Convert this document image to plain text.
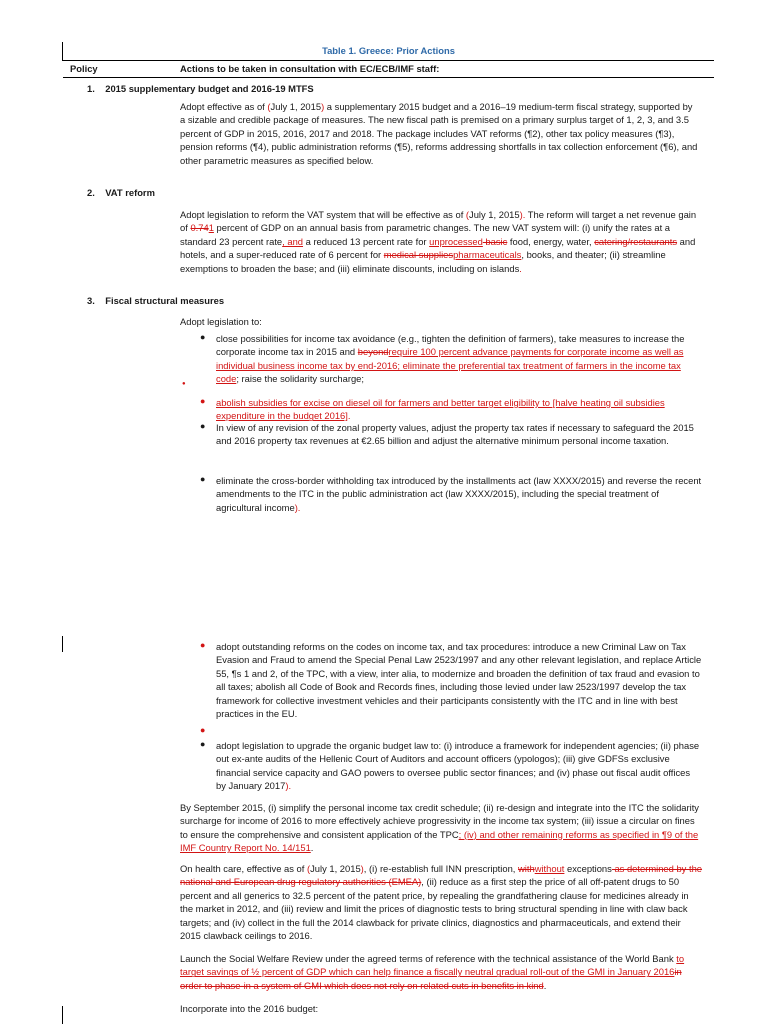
Table 1. Greece: Prior Actions
Policy	Actions to be taken in consultation with EC/ECB/IMF staff:
1. 2015 supplementary budget and 2016-19 MTFS
Adopt effective as of (July 1, 2015) a supplementary 2015 budget and a 2016–19 medium-term fiscal strategy, supported by a sizable and credible package of measures. The new fiscal path is premised on a primary surplus target of 1, 2, 3, and 3.5 percent of GDP in 2015, 2016, 2017 and 2018. The package includes VAT reforms (¶2), other tax policy measures (¶3), pension reforms (¶4), public administration reforms (¶5), reforms addressing shortfalls in tax collection enforcement (¶6), and other parametric measures as specified below.
2. VAT reform
Adopt legislation to reform the VAT system that will be effective as of (July 1, 2015). The reform will target a net revenue gain of 0.741 percent of GDP on an annual basis from parametric changes. The new VAT system will: (i) unify the rates at a standard 23 percent rate, and a reduced 13 percent rate for unprocessed basic food, energy, water, catering/restaurants and hotels, and a super-reduced rate of 6 percent for medical suppliespharmaceuticals, books, and theater; (ii) streamline exemptions to broaden the base; and (iii) eliminate discounts, including on islands.
3. Fiscal structural measures
Adopt legislation to:
● close possibilities for income tax avoidance (e.g., tighten the definition of farmers), take measures to increase the corporate income tax in 2015 and beyondrequire 100 percent advance payments for corporate income as well as individual business income tax by end-2016; eliminate the preferential tax treatment of farmers in the income tax code; raise the solidarity surcharge;
●
● abolish subsidies for excise on diesel oil for farmers and better target eligibility to [halve heating oil subsidies expenditure in the budget 2016].
● In view of any revision of the zonal property values, adjust the property tax rates if necessary to safeguard the 2015 and 2016 property tax revenues at €2.65 billion and adjust the alternative minimum personal income taxation.
● eliminate the cross-border withholding tax introduced by the installments act (law XXXX/2015) and reverse the recent amendments to the ITC in the public administration act (law XXXX/2015), including the special treatment of agricultural income).
● adopt outstanding reforms on the codes on income tax, and tax procedures: introduce a new Criminal Law on Tax Evasion and Fraud to amend the Special Penal Law 2523/1997 and any other relevant legislation, and replace Article 55, ¶s 1 and 2, of the TPC, with a view, inter alia, to modernize and broaden the definition of tax fraud and evasion to all taxes; abolish all Code of Book and Records fines, including those levied under law 2523/1997 develop the tax framework for collective investment vehicles and their participants consistently with the ITC and in line with best practices in the EU.
●
● adopt legislation to upgrade the organic budget law to: (i) introduce a framework for independent agencies; (ii) phase out ex-ante audits of the Hellenic Court of Auditors and account officers (ypologos); (iii) give GDFSs exclusive financial service capacity and GAO powers to oversee public sector finances; and (iv) phase out fiscal audit offices by January 2017).
By September 2015, (i) simplify the personal income tax credit schedule; (ii) re-design and integrate into the ITC the solidarity surcharge for income of 2016 to more effectively achieve progressivity in the income tax system; (iii) issue a circular on fines to ensure the comprehensive and consistent application of the TPC; (iv) and other remaining reforms as specified in ¶9 of the IMF Country Report No. 14/151.
On health care, effective as of (July 1, 2015), (i) re-establish full INN prescription, withwithout exceptions as determined by the national and European drug regulatory authorities (EMEA), (ii) reduce as a first step the price of all off-patent drugs to 50 percent and all generics to 32.5 percent of the patent price, by repealing the grandfathering clause for medicines already in the market in 2012, and (iii) review and limit the prices of diagnostic tests to bring structural spending in line with claw back targets; and (iv) collect in the full the 2014 clawback for private clinics, diagnostics and pharmaceuticals, and extend their 2015 clawback ceilings to 2016.
Launch the Social Welfare Review under the agreed terms of reference with the technical assistance of the World Bank to target savings of ½ percent of GDP which can help finance a fiscally neutral gradual roll-out of the GMI in January 2016in order to phase-in a system of GMI which does not rely on related cuts in benefits in kind.
Incorporate into the 2016 budget:
